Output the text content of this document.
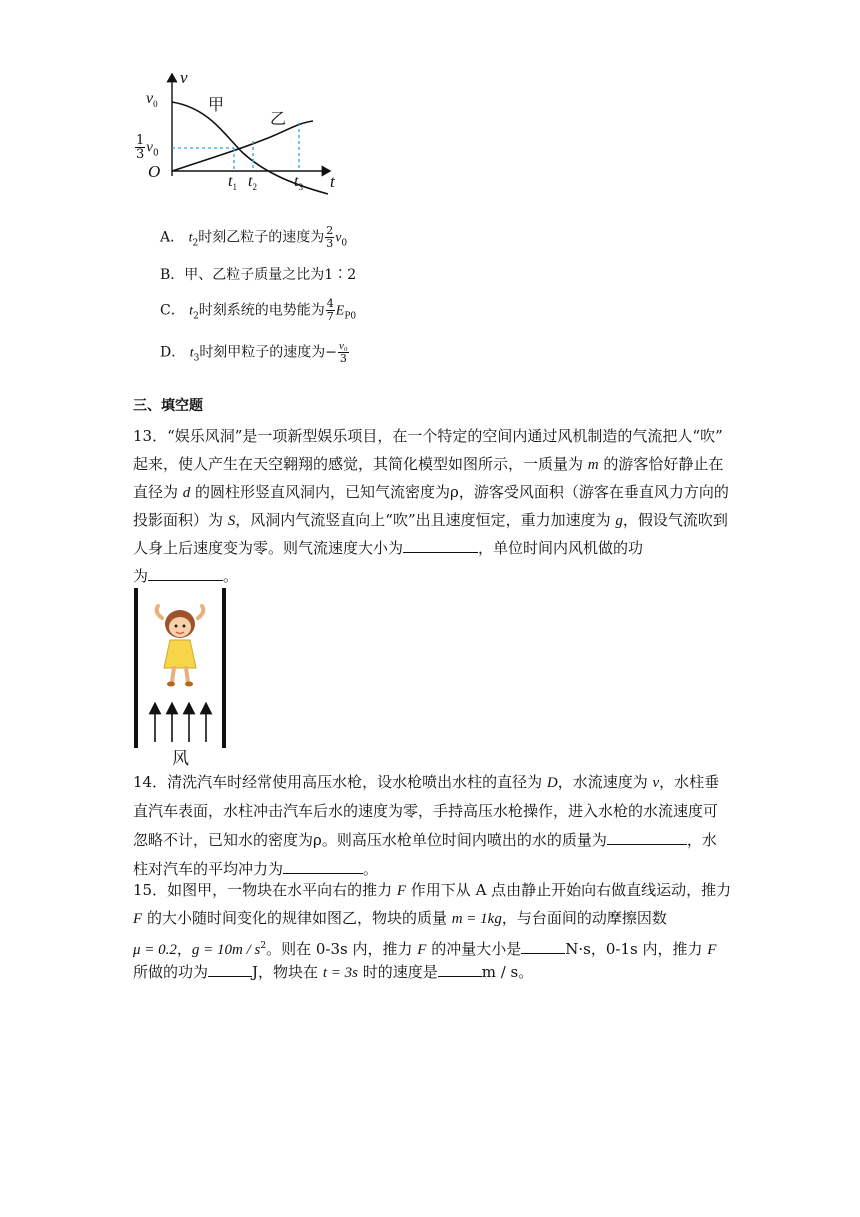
v
$v_0$	甲
乙
$\frac{1}{3} v_0$
O
$t_1$ $t_2$ $t_3$ t
A． $t_2$时刻乙粒子的速度为 $\frac{2}{3} v_0$
B．甲、乙粒子质量之比为1∶2
C． $t_2$时刻系统的电势能为 $\frac{4}{7} E_{P0}$
D． $t_3$时刻甲粒子的速度为− $\frac{\text{v₀}}{3}$
三、填空题
13．“娱乐风洞”是一项新型娱乐项目，在一个特定的空间内通过风机制造的气流把人“吹”
起来，使人产生在天空翱翔的感觉，其简化模型如图所示，一质量为 m 的游客恰好静止在
直径为 d 的圆柱形竖直风洞内，已知气流密度为ρ，游客受风面积（游客在垂直风力方向的
投影面积）为 S，风洞内气流竖直向上“吹”出且速度恒定，重力加速度为 g，假设气流吹到
人身上后速度变为零。则气流速度大小为	，单位时间内风机做的功
为	。
风
14．清洗汽车时经常使用高压水枪，设水枪喷出水柱的直径为 D，水流速度为 v，水柱垂
直汽车表面，水柱冲击汽车后水的速度为零，手持高压水枪操作，进入水枪的水流速度可
忽略不计，已知水的密度为ρ。则高压水枪单位时间内喷出的水的质量为	，水
柱对汽车的平均冲力为	。
15．如图甲，一物块在水平向右的推力 F 作用下从 A 点由静止开始向右做直线运动，推力
F 的大小随时间变化的规律如图乙，物块的质量 m = 1kg，与台面间的动摩擦因数
μ = 0.2，$g = 10m / s^2$。则在 0-3s 内，推力 F 的冲量大小是	N·s，0-1s 内，推力 F
所做的功为	J，物块在 t = 3s 时的速度是	m / s。
